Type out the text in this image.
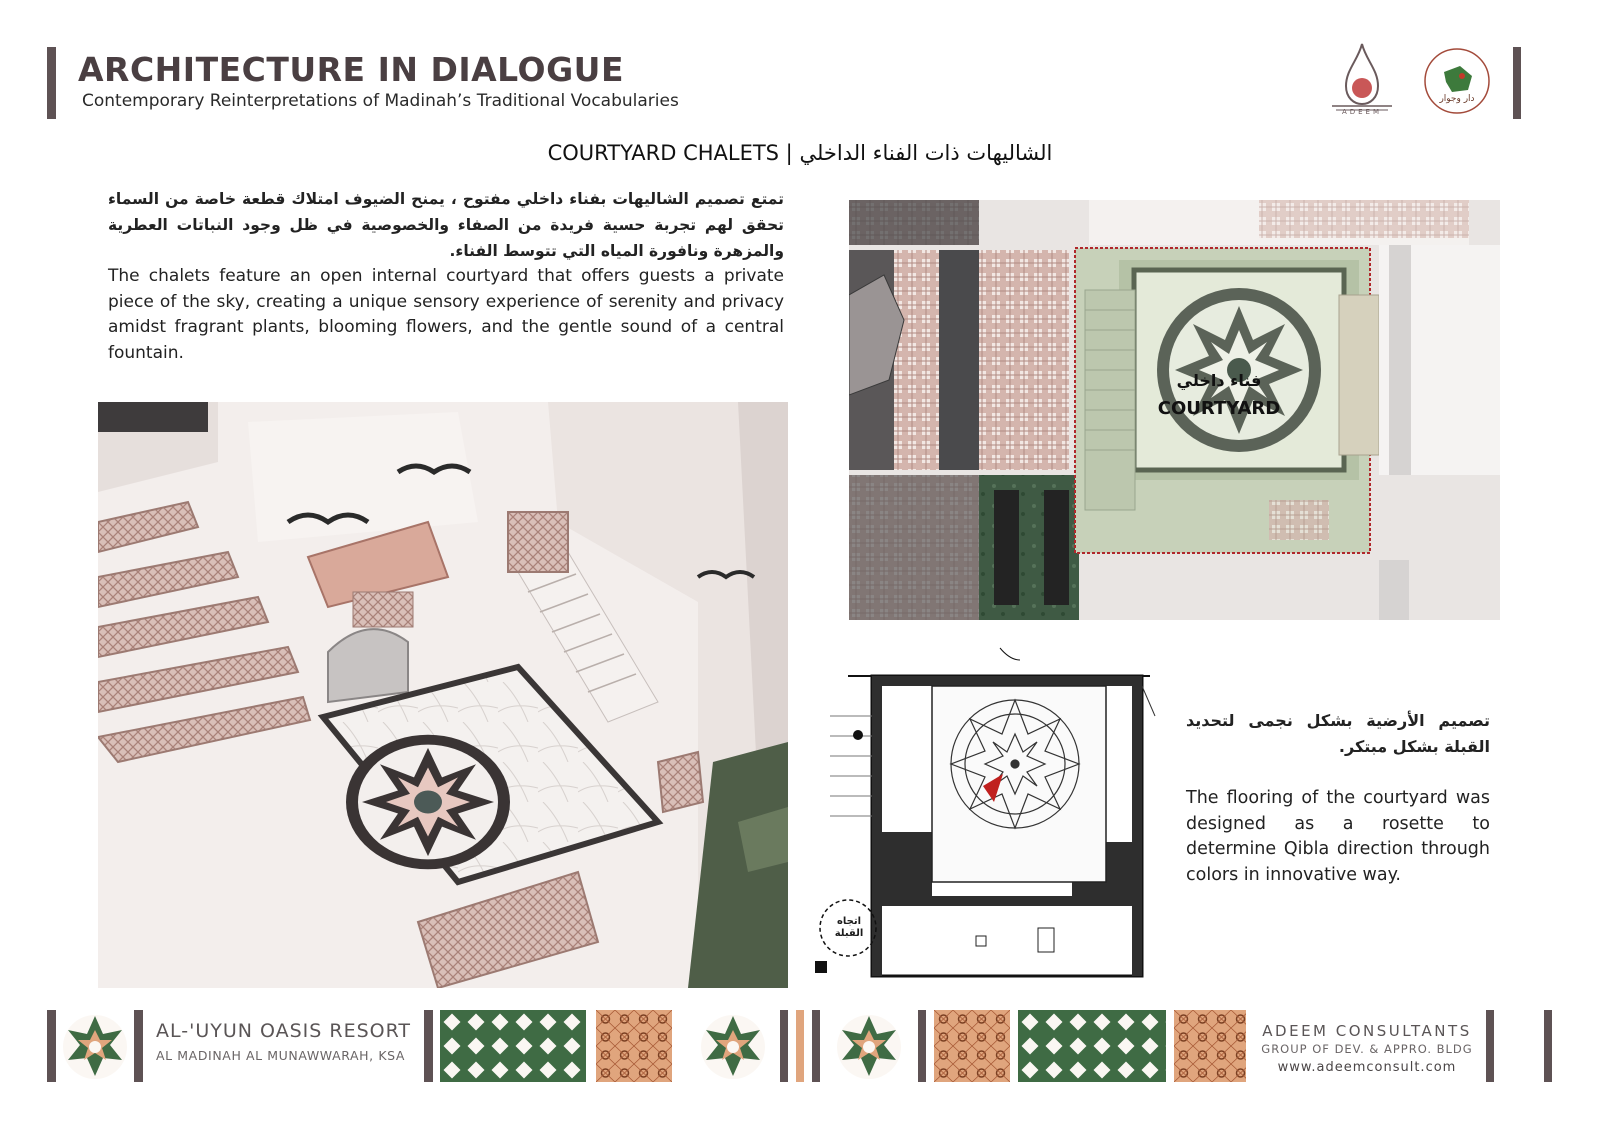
ARCHITECTURE IN DIALOGUE
Contemporary Reinterpretations of Madinah’s Traditional Vocabularies
ADEEM
دار وجوار
COURTYARD CHALETS | الشاليهات ذات الفناء الداخلي
تمتع تصميم الشاليهات بفناء داخلي مفتوح ، يمنح الضيوف امتلاك قطعة خاصة من السماء تحقق لهم تجربة حسية فريدة من الصفاء والخصوصية في ظل وجود النباتات العطرية والمزهرة ونافورة المياه التي تتوسط الفناء.
The chalets feature an open internal courtyard that offers guests a private piece of the sky, creating a unique sensory experience of serenity and privacy amidst fragrant plants, blooming flowers, and the gentle sound of a central fountain.
فناء داخلي
COURTYARD
اتجاه القبلة
تصميم الأرضية بشكل نجمى لتحديد القبلة بشكل مبتكر.
The flooring of the courtyard was designed as a rosette to determine Qibla direction through colors in innovative way.
AL-'UYUN OASIS RESORT
AL MADINAH AL MUNAWWARAH, KSA
ADEEM CONSULTANTS
GROUP OF DEV. & APPRO. BLDG
www.adeemconsult.com
